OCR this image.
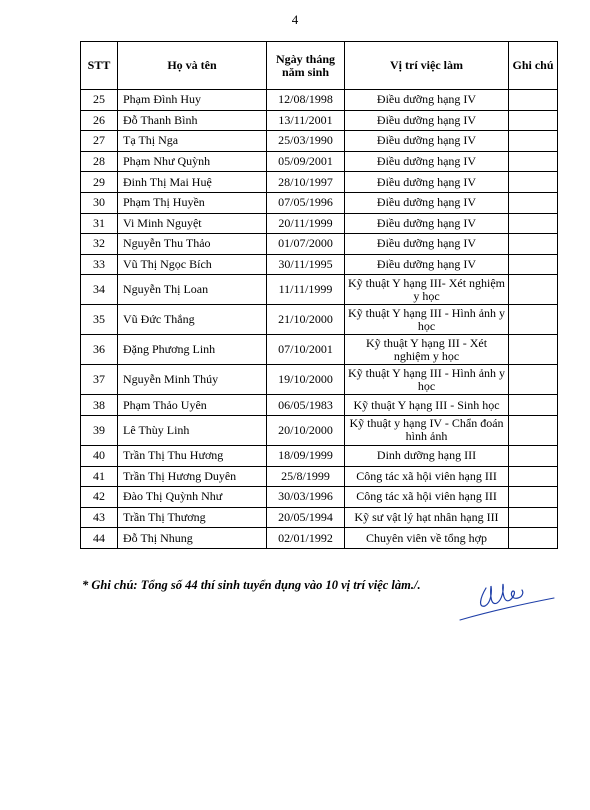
4
STT	Họ và tên	Ngày tháng năm sinh	Vị trí việc làm	Ghi chú
25	Phạm Đình Huy	12/08/1998	Điều dưỡng hạng IV	
26	Đỗ Thanh Bình	13/11/2001	Điều dưỡng hạng IV	
27	Tạ Thị Nga	25/03/1990	Điều dưỡng hạng IV	
28	Phạm Như Quỳnh	05/09/2001	Điều dưỡng hạng IV	
29	Đinh Thị Mai Huệ	28/10/1997	Điều dưỡng hạng IV	
30	Phạm Thị Huyền	07/05/1996	Điều dưỡng hạng IV	
31	Vi Minh Nguyệt	20/11/1999	Điều dưỡng hạng IV	
32	Nguyễn Thu Thảo	01/07/2000	Điều dưỡng hạng IV	
33	Vũ Thị Ngọc Bích	30/11/1995	Điều dưỡng hạng IV	
34	Nguyễn Thị Loan	11/11/1999	Kỹ thuật Y hạng III- Xét nghiệm y học	
35	Vũ Đức Thắng	21/10/2000	Kỹ thuật Y hạng III - Hình ảnh y học	
36	Đặng Phương Linh	07/10/2001	Kỹ thuật Y hạng III - Xét nghiệm y học	
37	Nguyễn Minh Thúy	19/10/2000	Kỹ thuật Y hạng III - Hình ảnh y học	
38	Phạm Thảo Uyên	06/05/1983	Kỹ thuật Y hạng III - Sinh học	
39	Lê Thùy Linh	20/10/2000	Kỹ thuật y hạng IV - Chẩn đoán hình ảnh	
40	Trần Thị Thu Hương	18/09/1999	Dinh dưỡng hạng III	
41	Trần Thị Hương Duyên	25/8/1999	Công tác xã hội viên hạng III	
42	Đào Thị Quỳnh Như	30/03/1996	Công tác xã hội viên hạng III	
43	Trần Thị Thương	20/05/1994	Kỹ sư vật lý hạt nhân hạng III	
44	Đỗ Thị Nhung	02/01/1992	Chuyên viên về tổng hợp	
* Ghi chú: Tổng số 44 thí sinh tuyển dụng vào 10 vị trí việc làm./.
